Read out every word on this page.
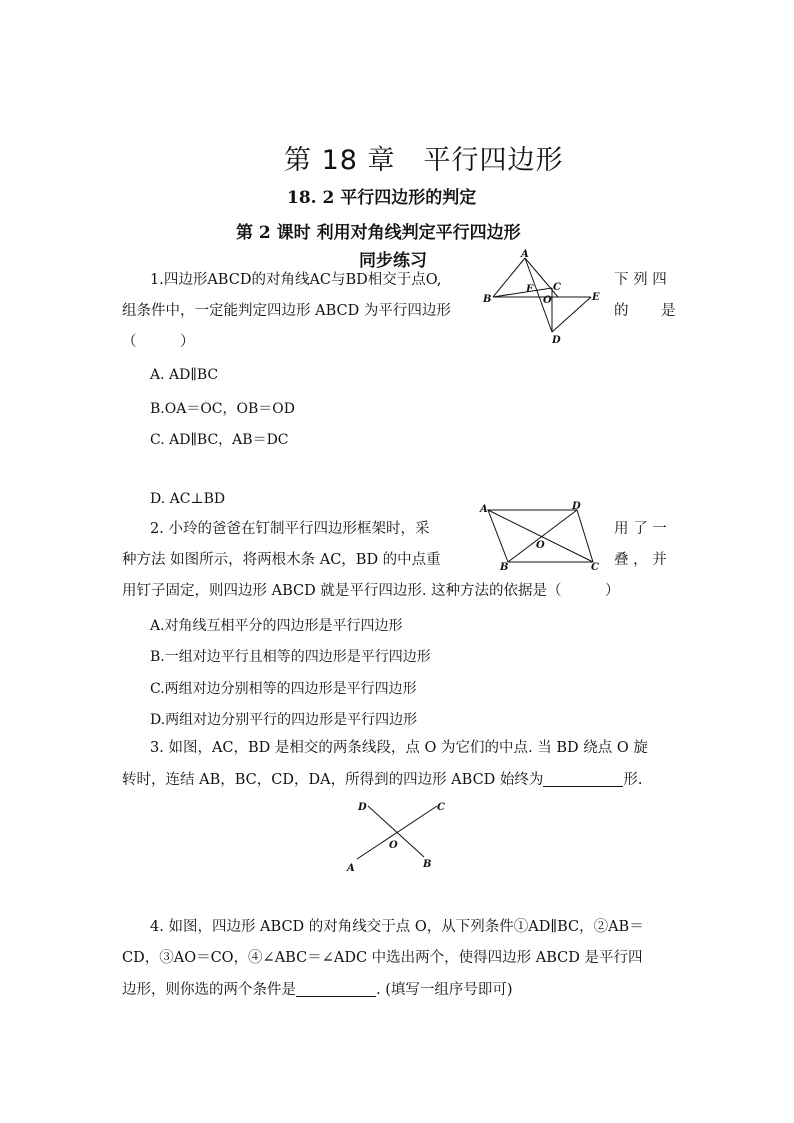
第 18 章　平行四边形
18. 2 平行四边形的判定
第 2 课时 利用对角线判定平行四边形
同步练习
1.四边形ABCD的对角线AC与BD相交于点O,	下 列 四
组条件中，一定能判定四边形 ABCD 为平行四边形	的 是
（　　　）
A. AD∥BC
B.OA＝OC，OB＝OD
C. AD∥BC，AB＝DC
D. AC⊥BD
A
B
C
D
E
F
O
2. 小玲的爸爸在钉制平行四边形框架时，采	用 了 一
种方法 如图所示，将两根木条 AC，BD 的中点重	叠 ， 并
用钉子固定，则四边形 ABCD 就是平行四边形. 这种方法的依据是（　　　）
A.对角线互相平分的四边形是平行四边形
B.一组对边平行且相等的四边形是平行四边形
C.两组对边分别相等的四边形是平行四边形
D.两组对边分别平行的四边形是平行四边形
A
B	C
D
O
3. 如图，AC，BD 是相交的两条线段，点 O 为它们的中点. 当 BD 绕点 O 旋
转时，连结 AB，BC，CD，DA，所得到的四边形 ABCD 始终为	形.
A	B
C
D
O
4. 如图，四边形 ABCD 的对角线交于点 O，从下列条件①AD∥BC，②AB＝
CD，③AO＝CO，④∠ABC＝∠ADC 中选出两个，使得四边形 ABCD 是平行四
边形，则你选的两个条件是	. (填写一组序号即可)
